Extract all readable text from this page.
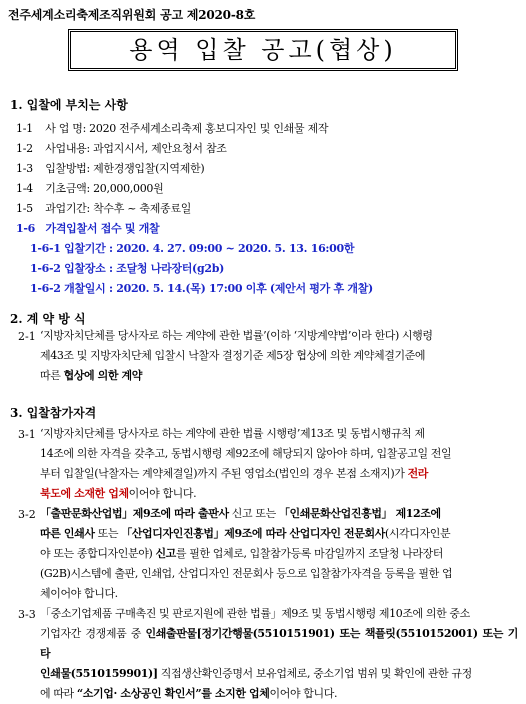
전주세계소리축제조직위원회 공고 제2020-8호
용역 입찰 공고(협상)
1. 입찰에 부치는 사항
1-1 사 업 명: 2020 전주세계소리축제 홍보디자인 및 인쇄물 제작
1-2 사업내용: 과업지시서, 제안요청서 참조
1-3 입찰방법: 제한경쟁입찰(지역제한)
1-4 기초금액: 20,000,000원
1-5 과업기간: 착수후 ~ 축제종료일
1-6 가격입찰서 접수 및 개찰
1-6-1 입찰기간 : 2020. 4. 27. 09:00 ~ 2020. 5. 13. 16:00한
1-6-2 입찰장소 : 조달청 나라장터(g2b)
1-6-2 개찰일시 : 2020. 5. 14.(목) 17:00 이후 (제안서 평가 후 개찰)
2. 계 약 방 식
2-1 ‘지방자치단체를 당사자로 하는 계약에 관한 법률’(이하 ‘지방계약법’이라 한다) 시행령
제43조 및 지방자치단체 입찰시 낙찰자 결정기준 제5장 협상에 의한 계약체결기준에
따른 협상에 의한 계약
3. 입찰참가자격
3-1 ‘지방자치단체를 당사자로 하는 계약에 관한 법률 시행령’제13조 및 동법시행규칙 제
14조에 의한 자격을 갖추고, 동법시행령 제92조에 해당되지 않아야 하며, 입찰공고일 전일
부터 입찰일(낙찰자는 계약체결일)까지 주된 영업소(법인의 경우 본점 소재지)가 전라
북도에 소재한 업체이어야 합니다.
3-2 「출판문화산업법」제9조에 따라 출판사 신고 또는 「인쇄문화산업진흥법」 제12조에
따른 인쇄사 또는 「산업디자인진흥법」제9조에 따라 산업디자인 전문회사(시각디자인분
야 또는 종합디자인분야) 신고를 필한 업체로, 입찰참가등록 마감일까지 조달청 나라장터
(G2B)시스템에 출판, 인쇄업, 산업디자인 전문회사 등으로 입찰참가자격을 등록을 필한 업
체이어야 합니다.
3-3 「중소기업제품 구매촉진 및 판로지원에 관한 법률」제9조 및 동법시행령 제10조에 의한 중소
기업자간 경쟁제품 중 인쇄출판물[정기간행물(5510151901) 또는 책플릿(5510152001) 또는 기타
인쇄물(5510159901)] 직접생산확인증명서 보유업체로, 중소기업 범위 및 확인에 관한 규정
에 따라 “소기업· 소상공인 확인서”를 소지한 업체이어야 합니다.
